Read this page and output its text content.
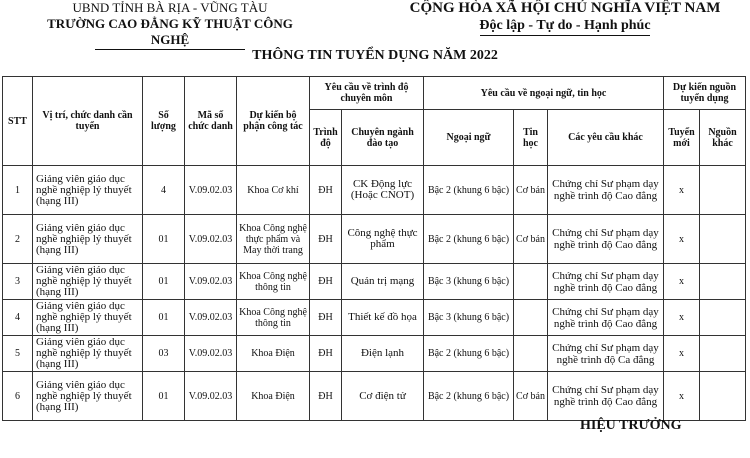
UBND TỈNH BÀ RỊA - VŨNG TÀU
TRƯỜNG CAO ĐẲNG KỸ THUẬT CÔNG NGHỆ
CỘNG HÒA XÃ HỘI CHỦ NGHĨA VIỆT NAM
Độc lập - Tự do - Hạnh phúc
THÔNG TIN TUYỂN DỤNG NĂM 2022
STT	Vị trí, chức danh cần tuyển	Số lượng	Mã số chức danh	Dự kiến bộ phận công tác	Yêu cầu về trình độ chuyên môn		Yêu cầu về ngoại ngữ, tin học			Dự kiến nguồn tuyển dụng	
					Trình độ	Chuyên ngành đào tạo	Ngoại ngữ	Tin học	Các yêu cầu khác	Tuyển mới	Nguồn khác
1	Giảng viên giáo dục nghề nghiệp lý thuyết (hạng III)	4	V.09.02.03	Khoa Cơ khí	ĐH	CK Động lực (Hoặc CNOT)	Bậc 2 (khung 6 bậc)	Cơ bản	Chứng chỉ Sư phạm dạy nghề trình độ Cao đẳng	x	
2	Giảng viên giáo dục nghề nghiệp lý thuyết (hạng III)	01	V.09.02.03	Khoa Công nghệ thực phẩm và May thời trang	ĐH	Công nghệ thực phẩm	Bậc 2 (khung 6 bậc)	Cơ bản	Chứng chỉ Sư phạm dạy nghề trình độ Cao đẳng	x	
3	Giảng viên giáo dục nghề nghiệp lý thuyết (hạng III)	01	V.09.02.03	Khoa Công nghệ thông tin	ĐH	Quản trị mạng	Bậc 3 (khung 6 bậc)		Chứng chỉ Sư phạm dạy nghề trình độ Cao đẳng	x	
4	Giảng viên giáo dục nghề nghiệp lý thuyết (hạng III)	01	V.09.02.03	Khoa Công nghệ thông tin	ĐH	Thiết kế đồ họa	Bậc 3 (khung 6 bậc)		Chứng chỉ Sư phạm dạy nghề trình độ Cao đẳng	x	
5	Giảng viên giáo dục nghề nghiệp lý thuyết (hạng III)	03	V.09.02.03	Khoa Điện	ĐH	Điện lạnh	Bậc 2 (khung 6 bậc)		Chứng chỉ Sư phạm dạy nghề trình độ Ca đẳng	x	
6	Giảng viên giáo dục nghề nghiệp lý thuyết (hạng III)	01	V.09.02.03	Khoa Điện	ĐH	Cơ điện tử	Bậc 2 (khung 6 bậc)	Cơ bản	Chứng chỉ Sư phạm dạy nghề trình độ Cao đẳng	x	
HIỆU TRƯỞNG
